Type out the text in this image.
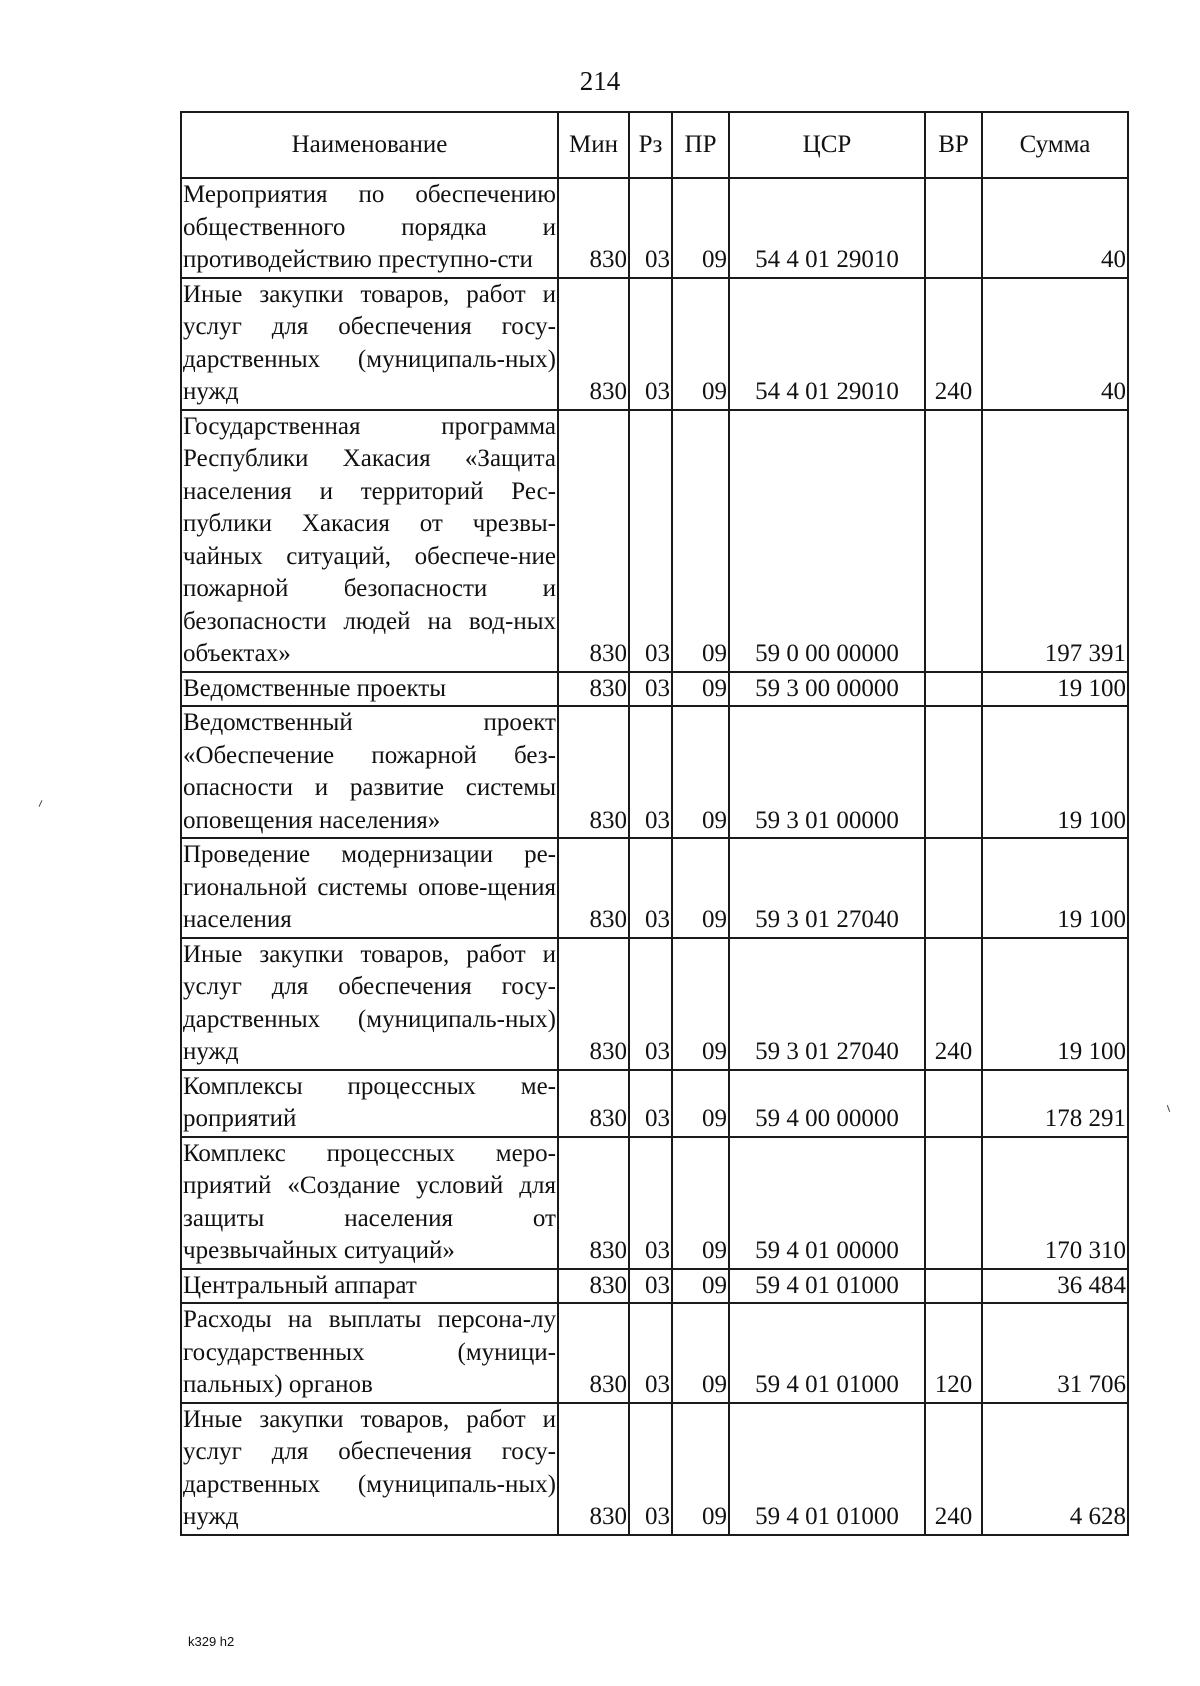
214
Наименование	Мин	Рз	ПР	ЦСР	ВР	Сумма
Мероприятия по обеспечению общественного порядка и противодействию преступно-сти	830	03	09	54 4 01 29010		40
Иные закупки товаров, работ и услуг для обеспечения госу-дарственных (муниципаль-ных) нужд	830	03	09	54 4 01 29010	240	40
Государственная программа Республики Хакасия «Защита населения и территорий Рес-публики Хакасия от чрезвы-чайных ситуаций, обеспече-ние пожарной безопасности и безопасности людей на вод-ных объектах»	830	03	09	59 0 00 00000		197 391
Ведомственные проекты	830	03	09	59 3 00 00000		19 100
Ведомственный проект «Обеспечение пожарной без-опасности и развитие системы оповещения населения»	830	03	09	59 3 01 00000		19 100
Проведение модернизации ре-гиональной системы опове-щения населения	830	03	09	59 3 01 27040		19 100
Иные закупки товаров, работ и услуг для обеспечения госу-дарственных (муниципаль-ных) нужд	830	03	09	59 3 01 27040	240	19 100
Комплексы процессных ме-роприятий	830	03	09	59 4 00 00000		178 291
Комплекс процессных меро-приятий «Создание условий для защиты населения от чрезвычайных ситуаций»	830	03	09	59 4 01 00000		170 310
Центральный аппарат	830	03	09	59 4 01 01000		36 484
Расходы на выплаты персона-лу государственных (муници-пальных) органов	830	03	09	59 4 01 01000	120	31 706
Иные закупки товаров, работ и услуг для обеспечения госу-дарственных (муниципаль-ных) нужд	830	03	09	59 4 01 01000	240	4 628
k329 h2
